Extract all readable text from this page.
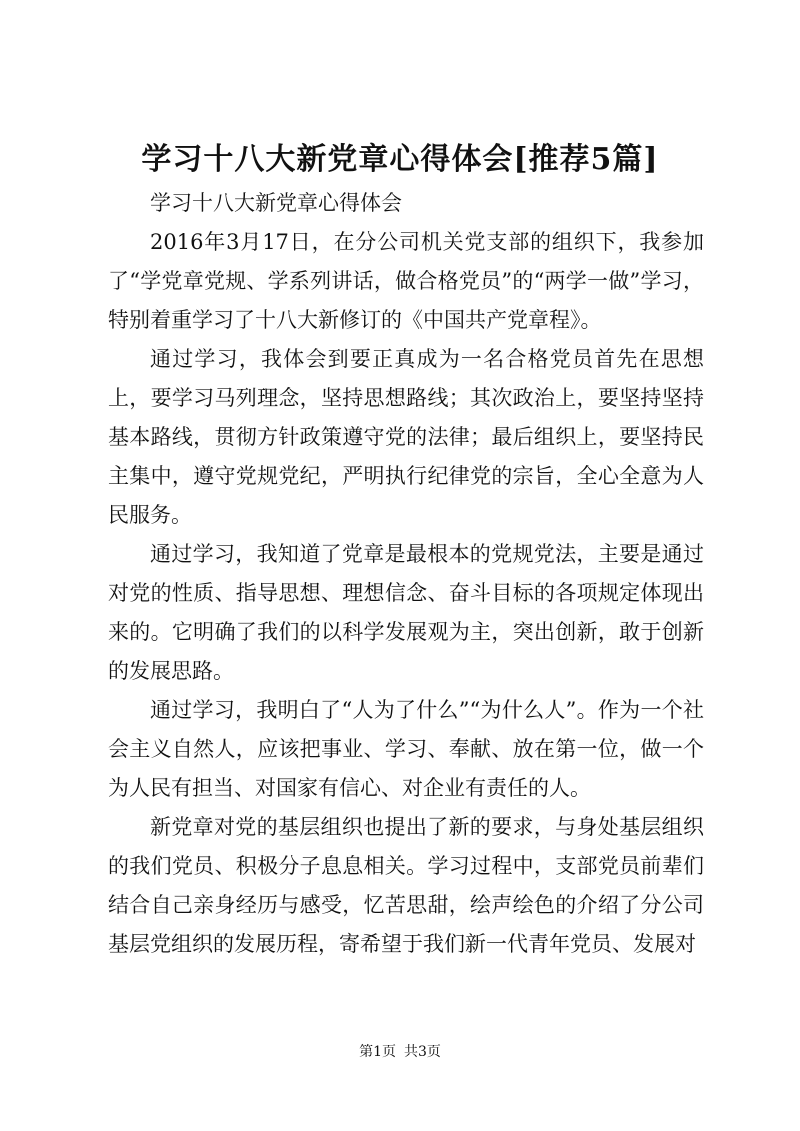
学习十八大新党章心得体会[推荐5篇]

学习十八大新党章心得体会

2016年3月17日，在分公司机关党支部的组织下，我参加了“学党章党规、学系列讲话，做合格党员”的“两学一做”学习，特别着重学习了十八大新修订的《中国共产党章程》。

通过学习，我体会到要正真成为一名合格党员首先在思想上，要学习马列理念，坚持思想路线；其次政治上，要坚持坚持基本路线，贯彻方针政策遵守党的法律；最后组织上，要坚持民主集中，遵守党规党纪，严明执行纪律党的宗旨，全心全意为人民服务。

通过学习，我知道了党章是最根本的党规党法，主要是通过对党的性质、指导思想、理想信念、奋斗目标的各项规定体现出来的。它明确了我们的以科学发展观为主，突出创新，敢于创新的发展思路。

通过学习，我明白了“人为了什么”“为什么人”。作为一个社会主义自然人，应该把事业、学习、奉献、放在第一位，做一个为人民有担当、对国家有信心、对企业有责任的人。

新党章对党的基层组织也提出了新的要求，与身处基层组织的我们党员、积极分子息息相关。学习过程中，支部党员前辈们结合自己亲身经历与感受，忆苦思甜，绘声绘色的介绍了分公司基层党组织的发展历程，寄希望于我们新一代青年党员、发展对

第1页 共3页
